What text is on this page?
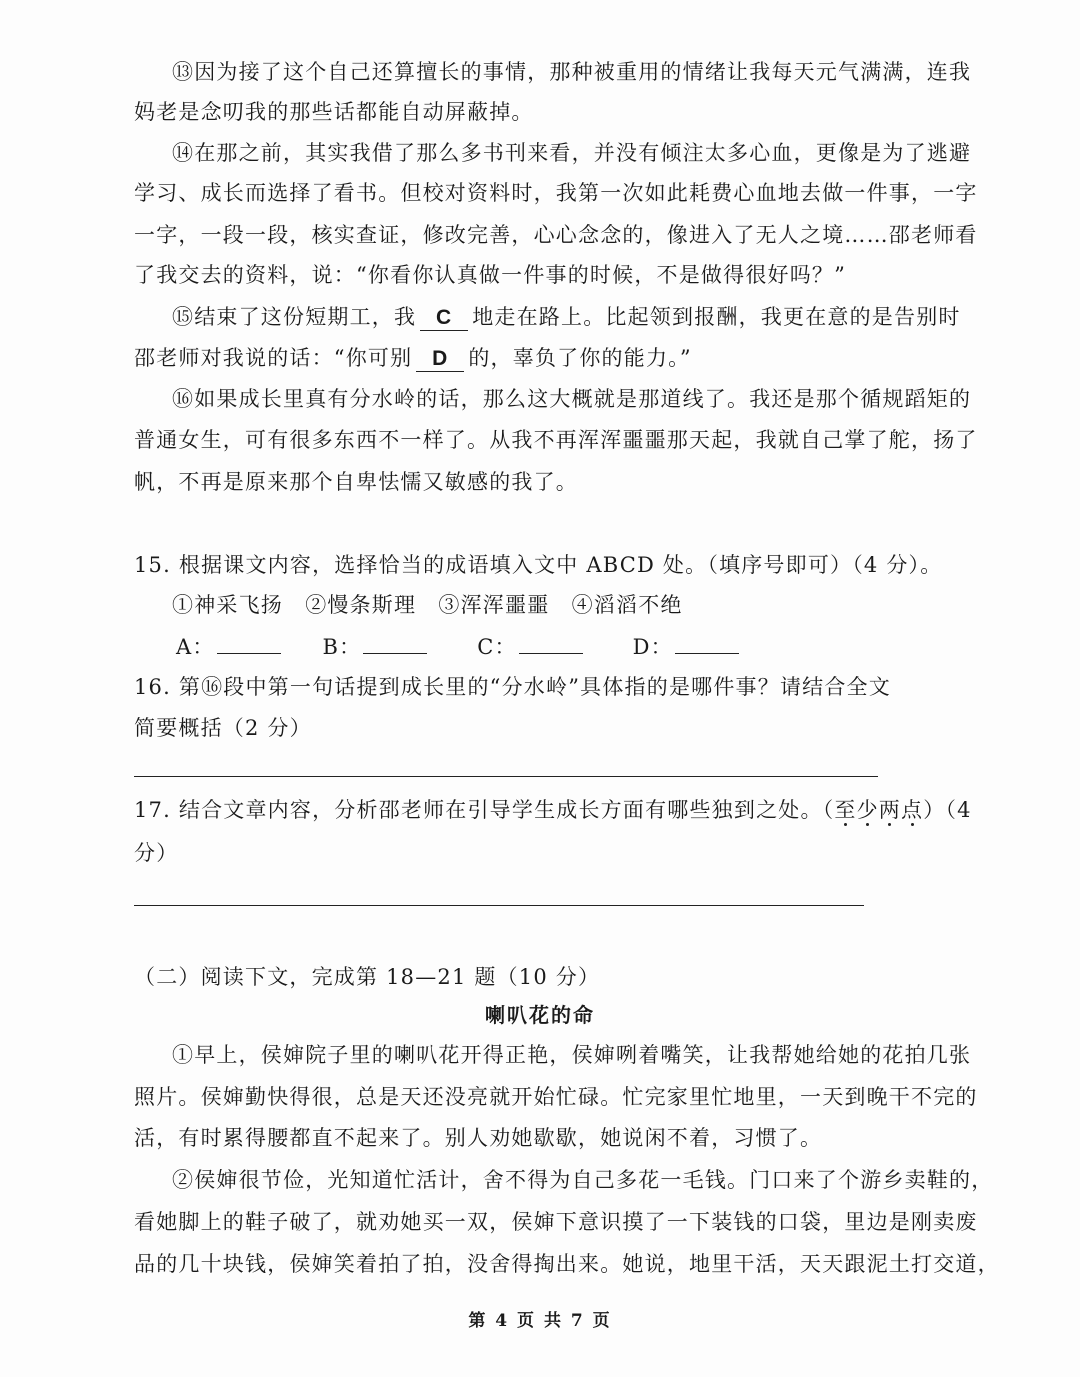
⑬因为接了这个自己还算擅长的事情，那种被重用的情绪让我每天元气满满，连我
妈老是念叨我的那些话都能自动屏蔽掉。
⑭在那之前，其实我借了那么多书刊来看，并没有倾注太多心血，更像是为了逃避
学习、成长而选择了看书。但校对资料时，我第一次如此耗费心血地去做一件事，一字
一字，一段一段，核实查证，修改完善，心心念念的，像进入了无人之境……邵老师看
了我交去的资料，说：“你看你认真做一件事的时候，不是做得很好吗？”
⑮结束了这份短期工，我 C 地走在路上。比起领到报酬，我更在意的是告别时
邵老师对我说的话：“你可别 D 的，辜负了你的能力。”
⑯如果成长里真有分水岭的话，那么这大概就是那道线了。我还是那个循规蹈矩的
普通女生，可有很多东西不一样了。从我不再浑浑噩噩那天起，我就自己掌了舵，扬了
帆，不再是原来那个自卑怯懦又敏感的我了。
15. 根据课文内容，选择恰当的成语填入文中 ABCD 处。（填序号即可）（4 分）。
①神采飞扬　②慢条斯理　③浑浑噩噩　④滔滔不绝
A：	B：	C：	D：
16. 第⑯段中第一句话提到成长里的“分水岭”具体指的是哪件事？请结合全文
简要概括（2 分）
17. 结合文章内容，分析邵老师在引导学生成长方面有哪些独到之处。（至少两点）（4
分）
（二）阅读下文，完成第 18—21 题（10 分）
喇叭花的命
①早上，侯婶院子里的喇叭花开得正艳，侯婶咧着嘴笑，让我帮她给她的花拍几张
照片。侯婶勤快得很，总是天还没亮就开始忙碌。忙完家里忙地里，一天到晚干不完的
活，有时累得腰都直不起来了。别人劝她歇歇，她说闲不着，习惯了。
②侯婶很节俭，光知道忙活计，舍不得为自己多花一毛钱。门口来了个游乡卖鞋的，
看她脚上的鞋子破了，就劝她买一双，侯婶下意识摸了一下装钱的口袋，里边是刚卖废
品的几十块钱，侯婶笑着拍了拍，没舍得掏出来。她说，地里干活，天天跟泥土打交道，
第 4 页 共 7 页
